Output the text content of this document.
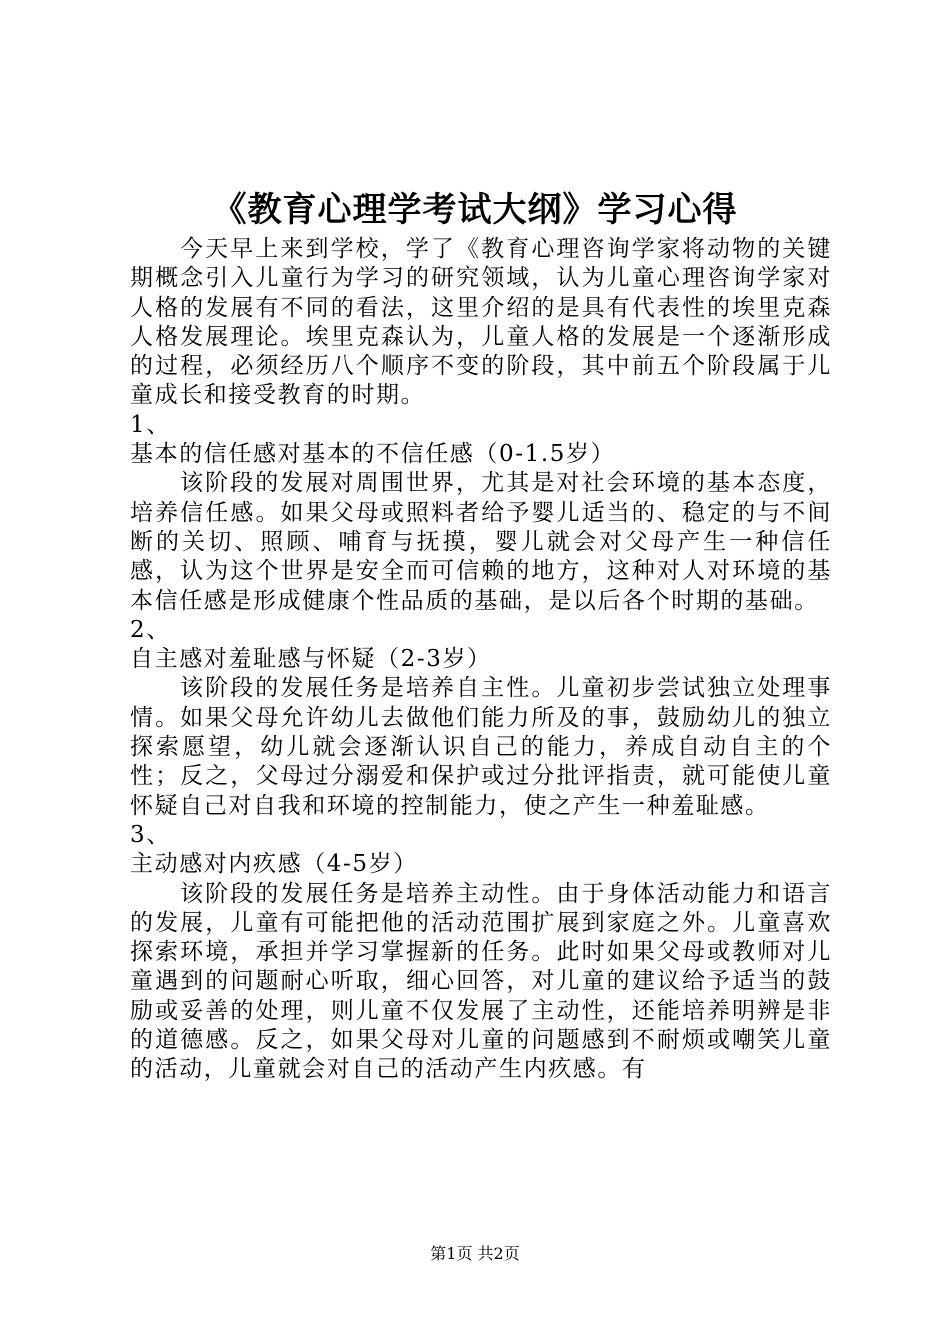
《教育心理学考试大纲》学习心得

今天早上来到学校，学了《教育心理咨询学家将动物的关键期概念引入儿童行为学习的研究领域，认为儿童心理咨询学家对人格的发展有不同的看法，这里介绍的是具有代表性的埃里克森人格发展理论。埃里克森认为，儿童人格的发展是一个逐渐形成的过程，必须经历八个顺序不变的阶段，其中前五个阶段属于儿童成长和接受教育的时期。

1、

基本的信任感对基本的不信任感（0-1.5岁）

该阶段的发展对周围世界，尤其是对社会环境的基本态度，培养信任感。如果父母或照料者给予婴儿适当的、稳定的与不间断的关切、照顾、哺育与抚摸，婴儿就会对父母产生一种信任感，认为这个世界是安全而可信赖的地方，这种对人对环境的基本信任感是形成健康个性品质的基础，是以后各个时期的基础。

2、

自主感对羞耻感与怀疑（2-3岁）

该阶段的发展任务是培养自主性。儿童初步尝试独立处理事情。如果父母允许幼儿去做他们能力所及的事，鼓励幼儿的独立探索愿望，幼儿就会逐渐认识自己的能力，养成自动自主的个性；反之，父母过分溺爱和保护或过分批评指责，就可能使儿童怀疑自己对自我和环境的控制能力，使之产生一种羞耻感。

3、

主动感对内疚感（4-5岁）

该阶段的发展任务是培养主动性。由于身体活动能力和语言的发展，儿童有可能把他的活动范围扩展到家庭之外。儿童喜欢探索环境，承担并学习掌握新的任务。此时如果父母或教师对儿童遇到的问题耐心听取，细心回答，对儿童的建议给予适当的鼓励或妥善的处理，则儿童不仅发展了主动性，还能培养明辨是非的道德感。反之，如果父母对儿童的问题感到不耐烦或嘲笑儿童的活动，儿童就会对自己的活动产生内疚感。有

第1页 共2页
